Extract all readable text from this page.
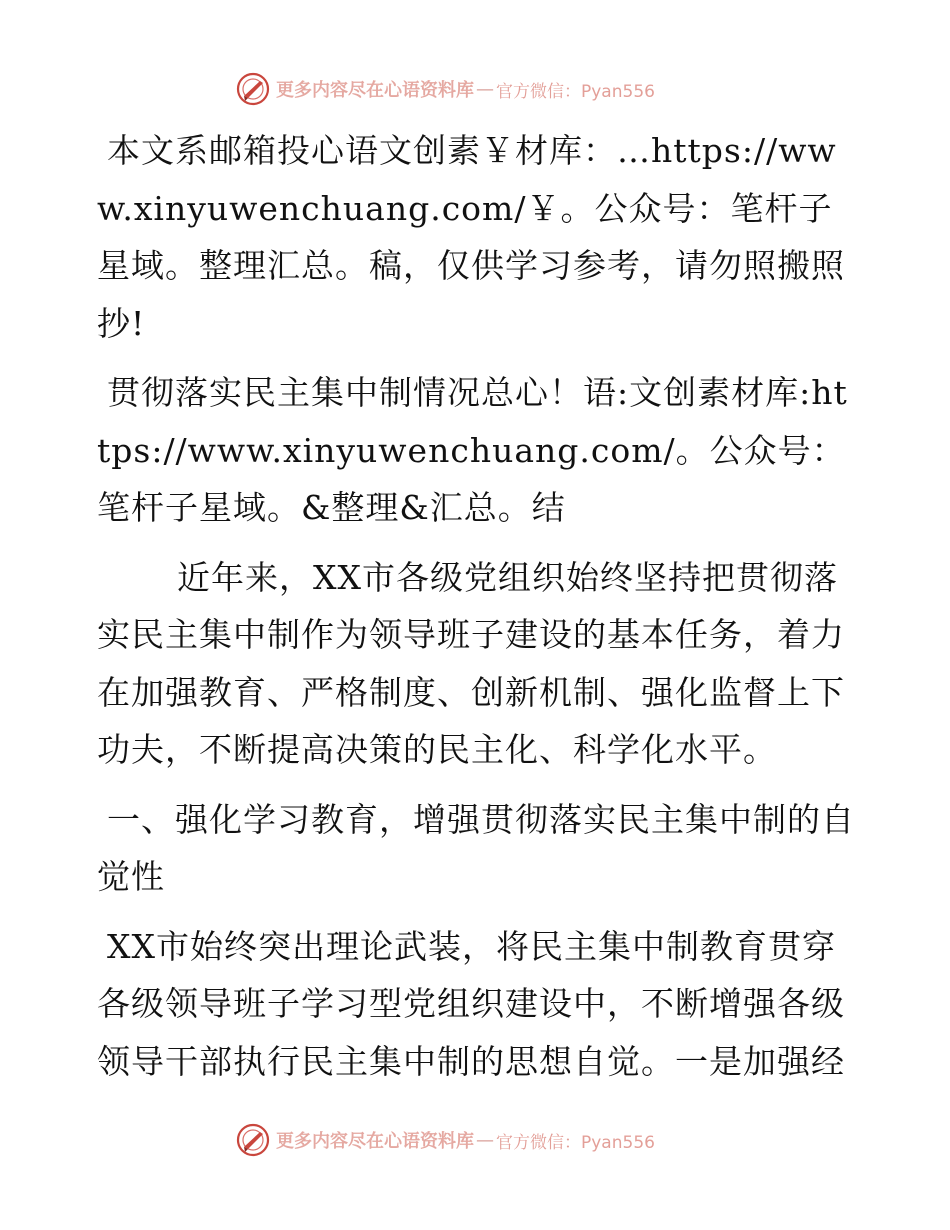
更多内容尽在心语资料库 — 官方微信：Pyan556

本文系邮箱投心语文创素￥材库：…https://www.xinyuwenchuang.com/￥。公众号：笔杆子星域。整理汇总。稿，仅供学习参考，请勿照搬照抄!

贯彻落实民主集中制情况总心！语:文创素材库:https://www.xinyuwenchuang.com/。公众号：笔杆子星域。&整理&汇总。结

近年来，XX市各级党组织始终坚持把贯彻落实民主集中制作为领导班子建设的基本任务，着力在加强教育、严格制度、创新机制、强化监督上下功夫，不断提高决策的民主化、科学化水平。

一、强化学习教育，增强贯彻落实民主集中制的自觉性

XX市始终突出理论武装，将民主集中制教育贯穿各级领导班子学习型党组织建设中，不断增强各级领导干部执行民主集中制的思想自觉。一是加强经

更多内容尽在心语资料库 — 官方微信：Pyan556
